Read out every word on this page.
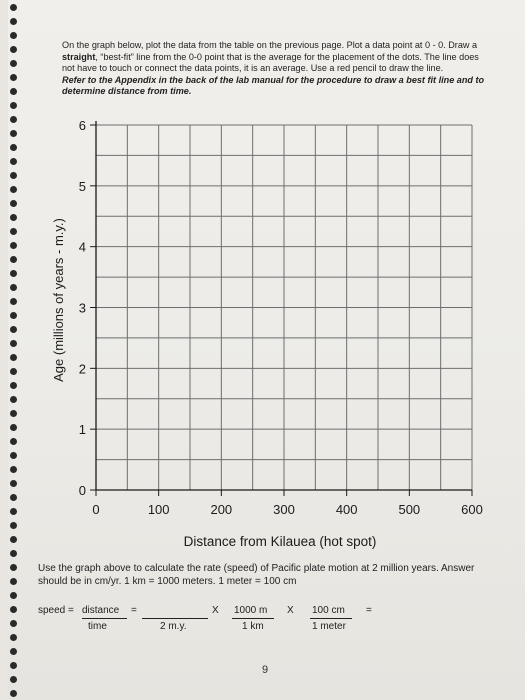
On the graph below, plot the data from the table on the previous page. Plot a data point at 0 - 0. Draw a straight, “best-fit” line from the 0-0 point that is the average for the placement of the dots. The line does not have to touch or connect the data points, it is an average. Use a red pencil to draw the line.
Refer to the Appendix in the back of the lab manual for the procedure to draw a best fit line and to determine distance from time.
0	100	200	300	400	500	600
0
1
2
3
4
5
6
Distance from Kilauea (hot spot)
Age (millions of years - m.y.)
Use the graph above to calculate the rate (speed) of Pacific plate motion at 2 million years. Answer should be in cm/yr. 1 km = 1000 meters. 1 meter = 100 cm
speed = distance =
time	2 m.y.
X 1000 m
1 km
X 100 cm
1 meter
=
9
